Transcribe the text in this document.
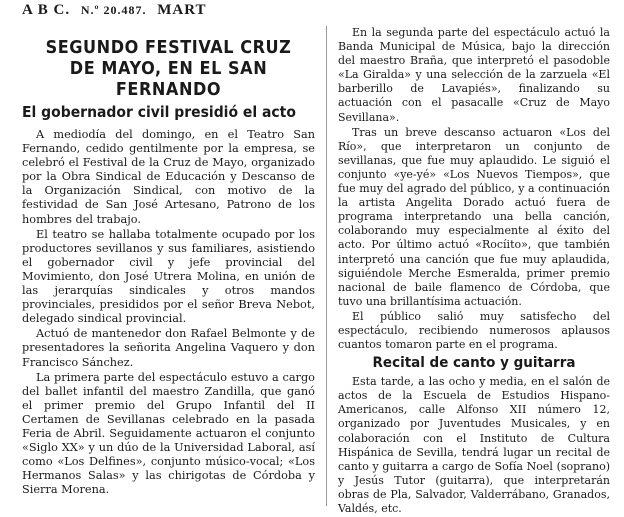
A B C. N.º 20.487. MART
SEGUNDO FESTIVAL CRUZ DE MAYO, EN EL SAN FERNANDO
El gobernador civil presidió el acto

A mediodía del domingo, en el Teatro San Fernando, cedido gentilmente por la empresa, se celebró el Festival de la Cruz de Mayo, organizado por la Obra Sindical de Educación y Descanso de la Organización Sindical, con motivo de la festividad de San José Artesano, Patrono de los hombres del trabajo.

El teatro se hallaba totalmente ocupado por los productores sevillanos y sus familiares, asistiendo el gobernador civil y jefe provincial del Movimiento, don José Utrera Molina, en unión de las jerarquías sindicales y otros mandos provinciales, presididos por el señor Breva Nebot, delegado sindical provincial.

Actuó de mantenedor don Rafael Belmonte y de presentadores la señorita Angelina Vaquero y don Francisco Sánchez.

La primera parte del espectáculo estuvo a cargo del ballet infantil del maestro Zandilla, que ganó el primer premio del Grupo Infantil del II Certamen de Sevillanas celebrado en la pasada Feria de Abril. Seguidamente actuaron el conjunto «Siglo XX» y un dúo de la Universidad Laboral, así como «Los Delfines», conjunto músico-vocal; «Los Hermanos Salas» y las chirigotas de Córdoba y Sierra Morena.

En la segunda parte del espectáculo actuó la Banda Municipal de Música, bajo la dirección del maestro Braña, que interpretó el pasodoble «La Giralda» y una selección de la zarzuela «El barberillo de Lavapiés», finalizando su actuación con el pasacalle «Cruz de Mayo Sevillana».

Tras un breve descanso actuaron «Los del Río», que interpretaron un conjunto de sevillanas, que fue muy aplaudido. Le siguió el conjunto «ye-yé» «Los Nuevos Tiempos», que fue muy del agrado del público, y a continuación la artista Angelita Dorado actuó fuera de programa interpretando una bella canción, colaborando muy especialmente al éxito del acto. Por último actuó «Rocíito», que también interpretó una canción que fue muy aplaudida, siguiéndole Merche Esmeralda, primer premio nacional de baile flamenco de Córdoba, que tuvo una brillantísima actuación.

El público salió muy satisfecho del espectáculo, recibiendo numerosos aplausos cuantos tomaron parte en el programa.

Recital de canto y guitarra

Esta tarde, a las ocho y media, en el salón de actos de la Escuela de Estudios Hispano-Americanos, calle Alfonso XII número 12, organizado por Juventudes Musicales, y en colaboración con el Instituto de Cultura Hispánica de Sevilla, tendrá lugar un recital de canto y guitarra a cargo de Sofía Noel (soprano) y Jesús Tutor (guitarra), que interpretarán obras de Pla, Salvador, Valderrábano, Granados, Valdés, etc.
